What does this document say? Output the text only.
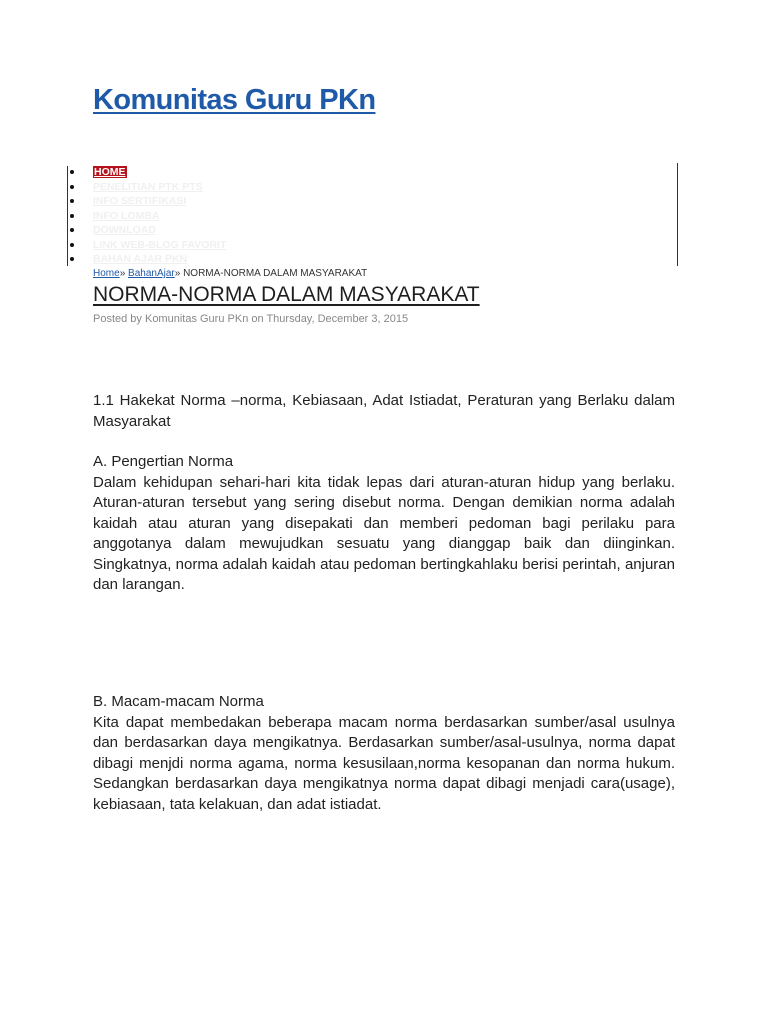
Komunitas Guru PKn
HOME
PENELITIAN PTK PTS
INFO SERTIFIKASI
INFO LOMBA
DOWNLOAD
LINK WEB-BLOG FAVORIT
BAHAN AJAR PKN
Home» BahanAjar» NORMA-NORMA DALAM MASYARAKAT
NORMA-NORMA DALAM MASYARAKAT
Posted by Komunitas Guru PKn on Thursday, December 3, 2015

1.1 Hakekat Norma –norma, Kebiasaan, Adat Istiadat, Peraturan yang Berlaku dalam Masyarakat

A. Pengertian Norma

Dalam kehidupan sehari-hari kita tidak lepas dari aturan-aturan hidup yang berlaku. Aturan-aturan tersebut yang sering disebut norma. Dengan demikian norma adalah kaidah atau aturan yang disepakati dan memberi pedoman bagi perilaku para anggotanya dalam mewujudkan sesuatu yang dianggap baik dan diinginkan. Singkatnya, norma adalah kaidah atau pedoman bertingkahlaku berisi perintah, anjuran dan larangan.

B. Macam-macam Norma

Kita dapat membedakan beberapa macam norma berdasarkan sumber/asal usulnya dan berdasarkan daya mengikatnya. Berdasarkan sumber/asal-usulnya, norma dapat dibagi menjdi norma agama, norma kesusilaan,norma kesopanan dan norma hukum. Sedangkan berdasarkan daya mengikatnya norma dapat dibagi menjadi cara(usage), kebiasaan, tata kelakuan, dan adat istiadat.
